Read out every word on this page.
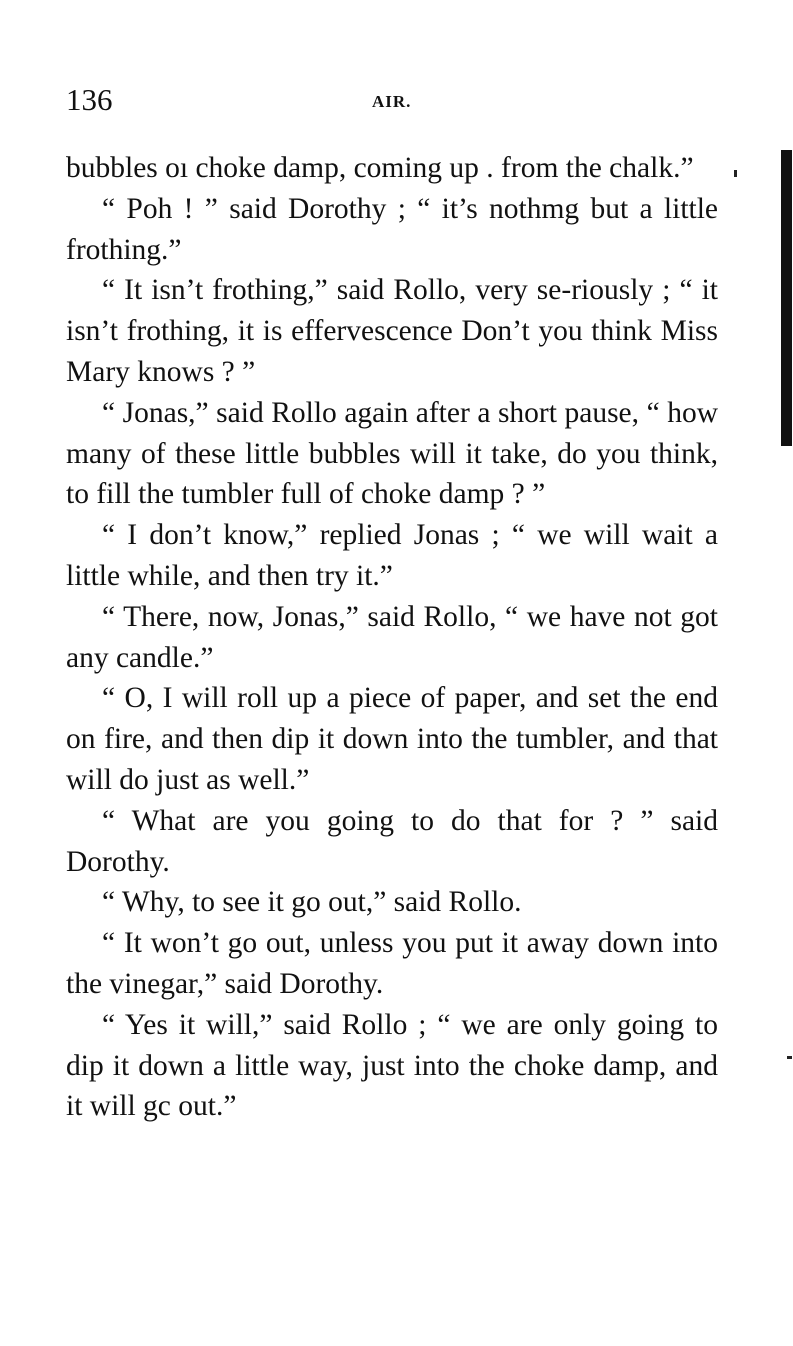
136	AIR.

bubbles oı choke damp, coming up . from the chalk.”

“ Poh ! ” said Dorothy ; “ it’s nothmg but a little frothing.”

“ It isn’t frothing,” said Rollo, very se-riously ; “ it isn’t frothing, it is effervescence Don’t you think Miss Mary knows ? ”

“ Jonas,” said Rollo again after a short pause, “ how many of these little bubbles will it take, do you think, to fill the tumbler full of choke damp ? ”

“ I don’t know,” replied Jonas ; “ we will wait a little while, and then try it.”

“ There, now, Jonas,” said Rollo, “ we have not got any candle.”

“ O, I will roll up a piece of paper, and set the end on fire, and then dip it down into the tumbler, and that will do just as well.”

“ What are you going to do that for ? ” said Dorothy.

“ Why, to see it go out,” said Rollo.

“ It won’t go out, unless you put it away down into the vinegar,” said Dorothy.

“ Yes it will,” said Rollo ; “ we are only going to dip it down a little way, just into the choke damp, and it will gc out.”
